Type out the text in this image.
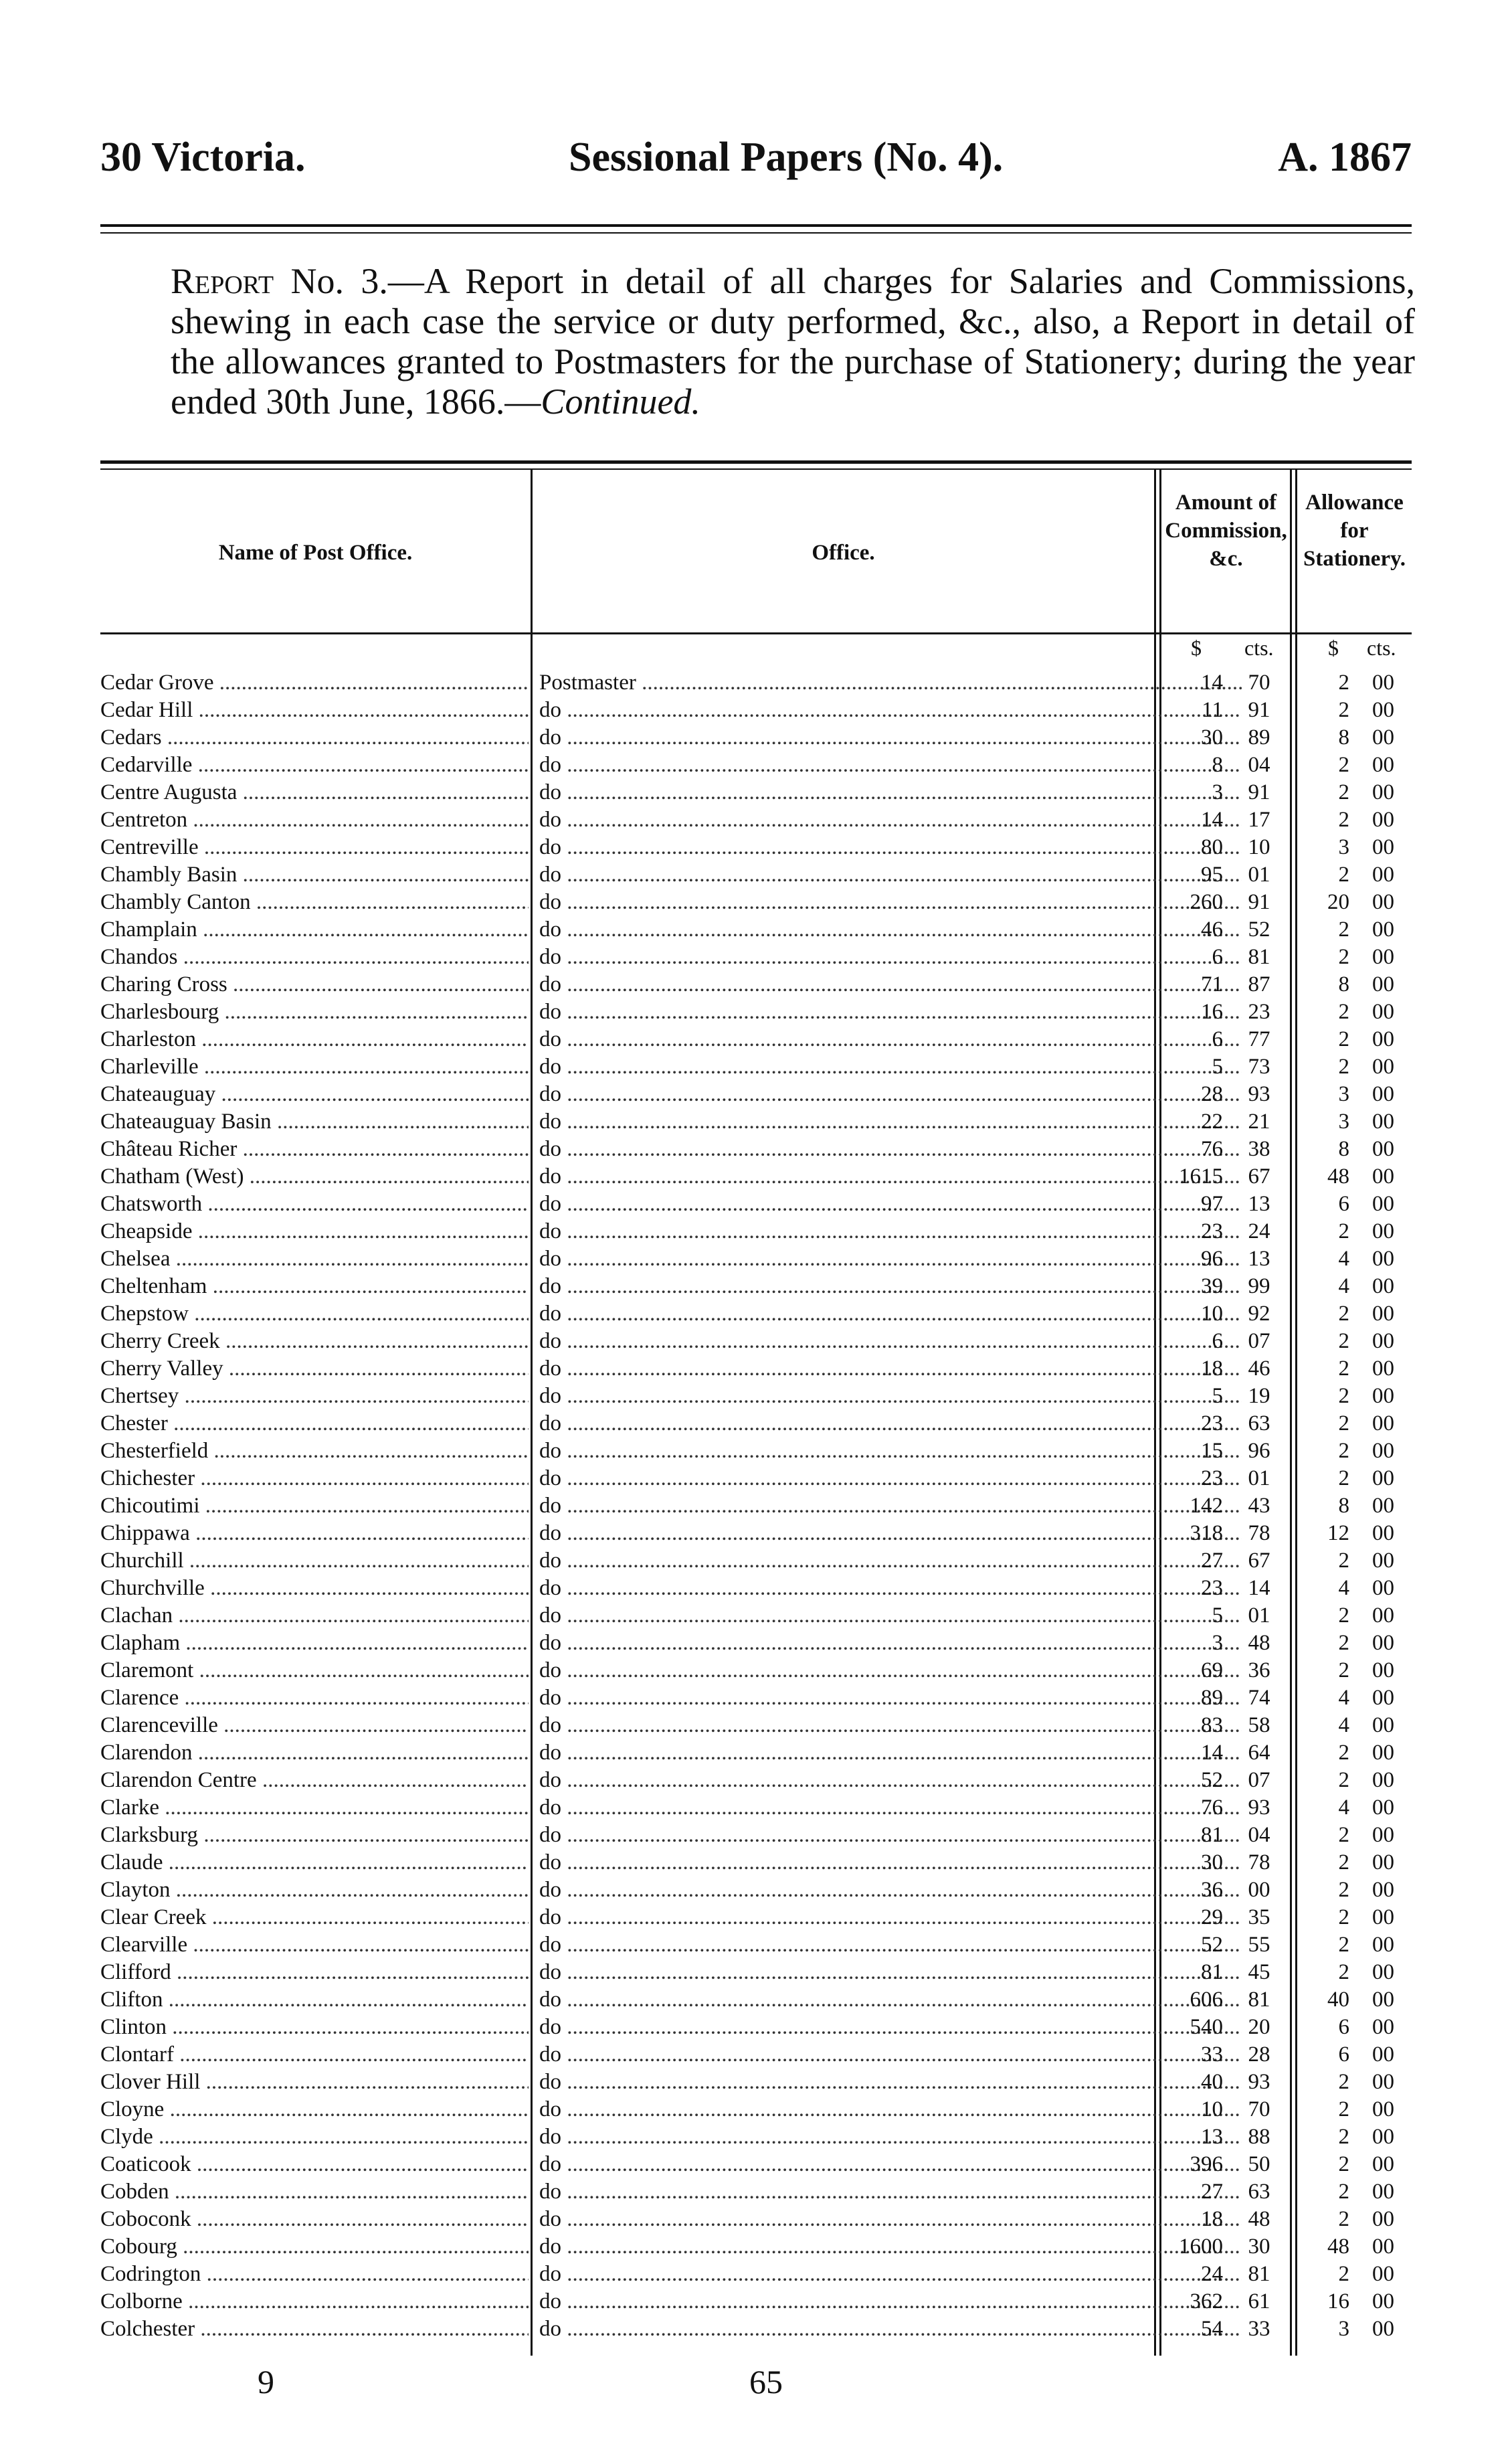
30 Victoria.	Sessional Papers (No. 4).	A. 1867
Report No. 3.—A Report in detail of all charges for Salaries and Commissions, shewing in each case the service or duty performed, &c., also, a Report in detail of the allowances granted to Postmasters for the purchase of Stationery; during the year ended 30th June, 1866.—Continued.
Name of Post Office.	Office.
Amount of Commission, &c.
Allowance for Stationery.
$ cts.	$ cts.
Cedar Grove .....	Postmaster .....	14	70	2	00
Cedar Hill .....	do .....	11	91	2	00
Cedars .....	do .....	30	89	8	00
Cedarville .....	do .....	8	04	2	00
Centre Augusta .....	do .....	3	91	2	00
Centreton .....	do .....	14	17	2	00
Centreville .....	do .....	80	10	3	00
Chambly Basin .....	do .....	95	01	2	00
Chambly Canton .....	do .....	260	91	20	00
Champlain .....	do .....	46	52	2	00
Chandos .....	do .....	6	81	2	00
Charing Cross .....	do .....	71	87	8	00
Charlesbourg .....	do .....	16	23	2	00
Charleston .....	do .....	6	77	2	00
Charleville .....	do .....	5	73	2	00
Chateauguay .....	do .....	28	93	3	00
Chateauguay Basin .....	do .....	22	21	3	00
Château Richer .....	do .....	76	38	8	00
Chatham (West) .....	do .....	1615	67	48	00
Chatsworth .....	do .....	97	13	6	00
Cheapside .....	do .....	23	24	2	00
Chelsea .....	do .....	96	13	4	00
Cheltenham .....	do .....	39	99	4	00
Chepstow .....	do .....	10	92	2	00
Cherry Creek .....	do .....	6	07	2	00
Cherry Valley .....	do .....	18	46	2	00
Chertsey .....	do .....	5	19	2	00
Chester .....	do .....	23	63	2	00
Chesterfield .....	do .....	15	96	2	00
Chichester .....	do .....	23	01	2	00
Chicoutimi .....	do .....	142	43	8	00
Chippawa .....	do .....	318	78	12	00
Churchill .....	do .....	27	67	2	00
Churchville .....	do .....	23	14	4	00
Clachan .....	do .....	5	01	2	00
Clapham .....	do .....	3	48	2	00
Claremont .....	do .....	69	36	2	00
Clarence .....	do .....	89	74	4	00
Clarenceville .....	do .....	83	58	4	00
Clarendon .....	do .....	14	64	2	00
Clarendon Centre .....	do .....	52	07	2	00
Clarke .....	do .....	76	93	4	00
Clarksburg .....	do .....	81	04	2	00
Claude .....	do .....	30	78	2	00
Clayton .....	do .....	36	00	2	00
Clear Creek .....	do .....	29	35	2	00
Clearville .....	do .....	52	55	2	00
Clifford .....	do .....	81	45	2	00
Clifton .....	do .....	606	81	40	00
Clinton .....	do .....	540	20	6	00
Clontarf .....	do .....	33	28	6	00
Clover Hill .....	do .....	40	93	2	00
Cloyne .....	do .....	10	70	2	00
Clyde .....	do .....	13	88	2	00
Coaticook .....	do .....	396	50	2	00
Cobden .....	do .....	27	63	2	00
Coboconk .....	do .....	18	48	2	00
Cobourg .....	do .....	1600	30	48	00
Codrington .....	do .....	24	81	2	00
Colborne .....	do .....	362	61	16	00
Colchester .....	do .....	54	33	3	00
9	65
